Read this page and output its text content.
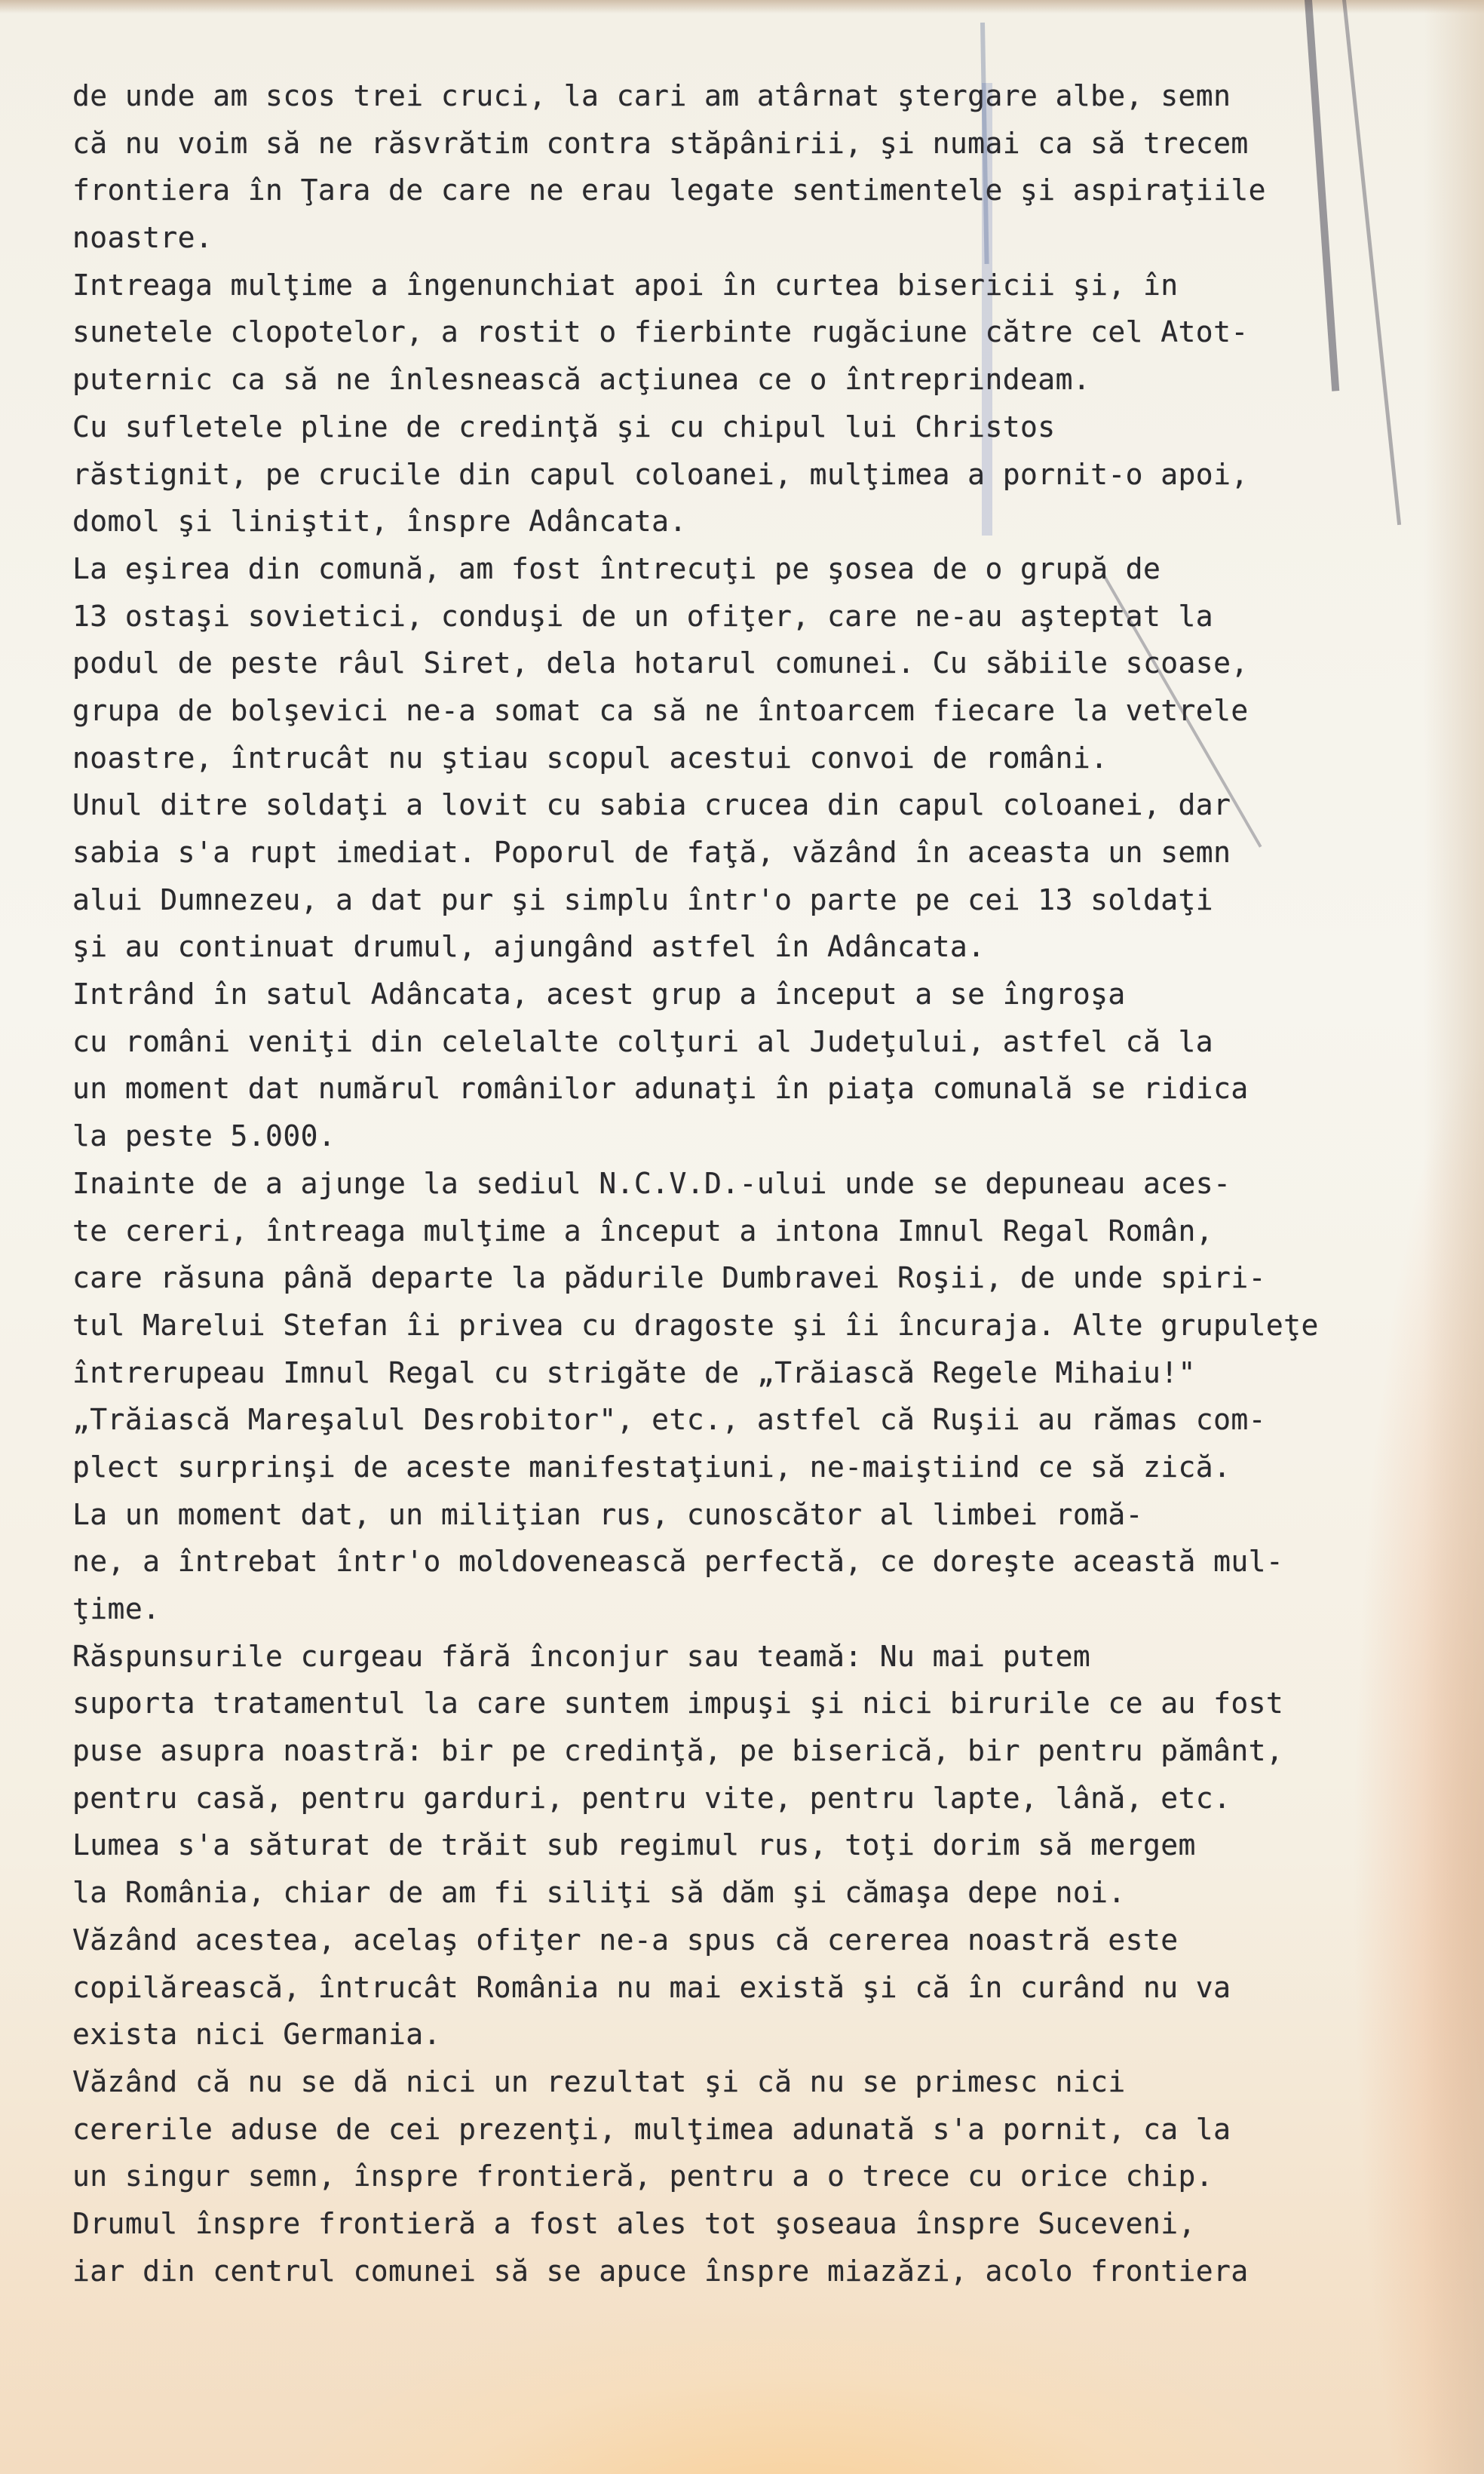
de unde am scos trei cruci, la cari am atârnat ştergare albe, semn
că nu voim să ne răsvrătim contra stăpânirii, şi numai ca să trecem
frontiera în Ţara de care ne erau legate sentimentele şi aspiraţiile
noastre.
Intreaga mulţime a îngenunchiat apoi în curtea bisericii şi, în
sunetele clopotelor, a rostit o fierbinte rugăciune către cel Atot-
puternic ca să ne înlesnească acţiunea ce o întreprindeam.
Cu sufletele pline de credinţă şi cu chipul lui Christos
răstignit, pe crucile din capul coloanei, mulţimea a pornit-o apoi,
domol şi liniştit, înspre Adâncata.
La eşirea din comună, am fost întrecuţi pe şosea de o grupă de
13 ostaşi sovietici, conduşi de un ofiţer, care ne-au aşteptat la
podul de peste râul Siret, dela hotarul comunei. Cu săbiile scoase,
grupa de bolşevici ne-a somat ca să ne întoarcem fiecare la vetrele
noastre, întrucât nu ştiau scopul acestui convoi de români.
Unul ditre soldaţi a lovit cu sabia crucea din capul coloanei, dar
sabia s'a rupt imediat. Poporul de faţă, văzând în aceasta un semn
alui Dumnezeu, a dat pur şi simplu într'o parte pe cei 13 soldaţi
şi au continuat drumul, ajungând astfel în Adâncata.
Intrând în satul Adâncata, acest grup a început a se îngroşa
cu români veniţi din celelalte colţuri al Judeţului, astfel că la
un moment dat numărul românilor adunaţi în piaţa comunală se ridica
la peste 5.000.
Inainte de a ajunge la sediul N.C.V.D.-ului unde se depuneau aces-
te cereri, întreaga mulţime a început a intona Imnul Regal Român,
care răsuna până departe la pădurile Dumbravei Roşii, de unde spiri-
tul Marelui Stefan îi privea cu dragoste şi îi încuraja. Alte grupuleţe
întrerupeau Imnul Regal cu strigăte de „Trăiască Regele Mihaiu!"
„Trăiască Mareşalul Desrobitor", etc., astfel că Ruşii au rămas com-
plect surprinşi de aceste manifestaţiuni, ne-maiştiind ce să zică.
La un moment dat, un miliţian rus, cunoscător al limbei romă-
ne, a întrebat într'o moldovenească perfectă, ce doreşte această mul-
ţime.
Răspunsurile curgeau fără înconjur sau teamă: Nu mai putem
suporta tratamentul la care suntem impuşi şi nici birurile ce au fost
puse asupra noastră: bir pe credinţă, pe biserică, bir pentru pământ,
pentru casă, pentru garduri, pentru vite, pentru lapte, lână, etc.
Lumea s'a săturat de trăit sub regimul rus, toţi dorim să mergem
la România, chiar de am fi siliţi să dăm şi cămaşa depe noi.
Văzând acestea, acelaş ofiţer ne-a spus că cererea noastră este
copilărească, întrucât România nu mai există şi că în curând nu va
exista nici Germania.
Văzând că nu se dă nici un rezultat şi că nu se primesc nici
cererile aduse de cei prezenţi, mulţimea adunată s'a pornit, ca la
un singur semn, înspre frontieră, pentru a o trece cu orice chip.
Drumul înspre frontieră a fost ales tot şoseaua înspre Suceveni,
iar din centrul comunei să se apuce înspre miazăzi, acolo frontiera
